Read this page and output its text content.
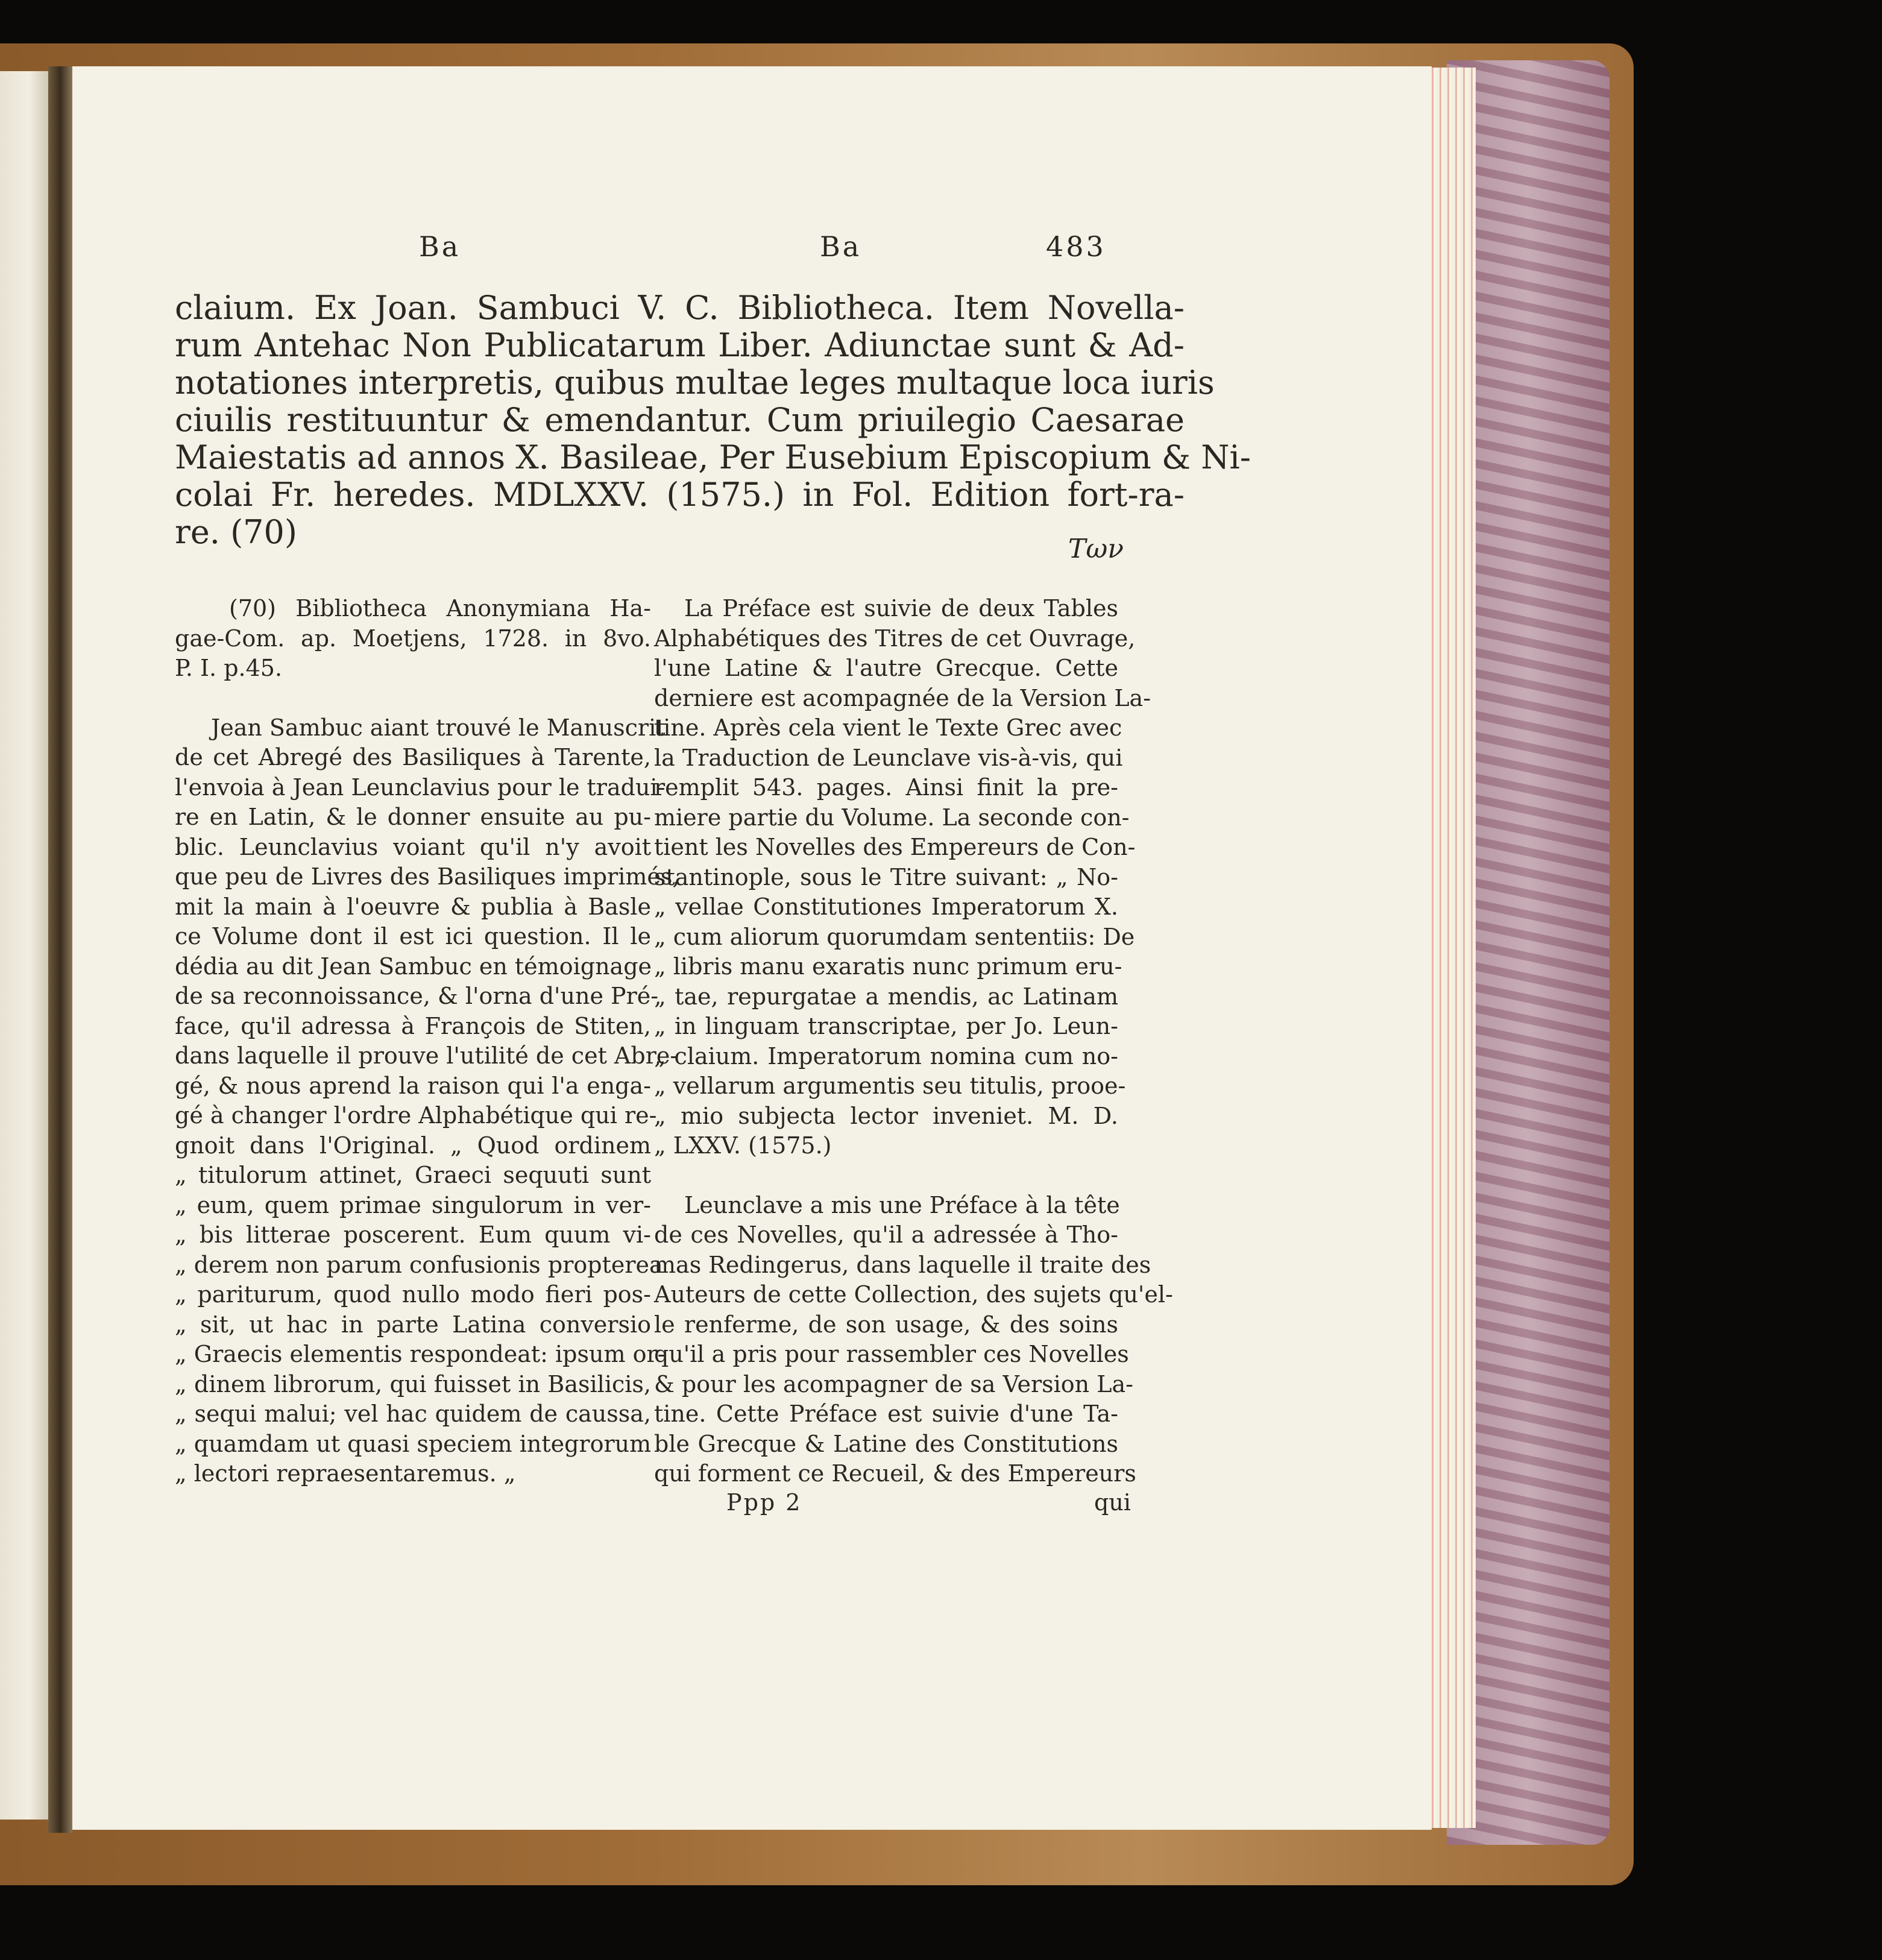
Ba	Ba	483
claium. Ex Joan. Sambuci V. C. Bibliotheca. Item Novella-
rum Antehac Non Publicatarum Liber. Adiunctae sunt & Ad-
notationes interpretis, quibus multae leges multaque loca iuris
ciuilis restituuntur & emendantur. Cum priuilegio Caesarae
Maiestatis ad annos X. Basileae, Per Eusebium Episcopium & Ni-
colai Fr. heredes. MDLXXV. (1575.) in Fol. Edition fort-ra-
re. (70)	Tων
(70) Bibliotheca Anonymiana Ha-
gae-Com. ap. Moetjens, 1728. in 8vo.
P. I. p.45.
Jean Sambuc aiant trouvé le Manuscrit
de cet Abregé des Basiliques à Tarente,
l'envoia à Jean Leunclavius pour le tradui-
re en Latin, & le donner ensuite au pu-
blic. Leunclavius voiant qu'il n'y avoit
que peu de Livres des Basiliques imprimés,
mit la main à l'oeuvre & publia à Basle
ce Volume dont il est ici question. Il le
dédia au dit Jean Sambuc en témoignage
de sa reconnoissance, & l'orna d'une Pré-
face, qu'il adressa à François de Stiten,
dans laquelle il prouve l'utilité de cet Abre-
gé, & nous aprend la raison qui l'a enga-
gé à changer l'ordre Alphabétique qui re-
gnoit dans l'Original. „ Quod ordinem
„ titulorum attinet, Graeci sequuti sunt
„ eum, quem primae singulorum in ver-
„ bis litterae poscerent. Eum quum vi-
„ derem non parum confusionis propterea
„ pariturum, quod nullo modo fieri pos-
„ sit, ut hac in parte Latina conversio
„ Graecis elementis respondeat: ipsum or-
„ dinem librorum, qui fuisset in Basilicis,
„ sequi malui; vel hac quidem de caussa,
„ quamdam ut quasi speciem integrorum
„ lectori repraesentaremus. „
La Préface est suivie de deux Tables
Alphabétiques des Titres de cet Ouvrage,
l'une Latine & l'autre Grecque. Cette
derniere est acompagnée de la Version La-
tine. Après cela vient le Texte Grec avec
la Traduction de Leunclave vis-à-vis, qui
remplit 543. pages. Ainsi finit la pre-
miere partie du Volume. La seconde con-
tient les Novelles des Empereurs de Con-
stantinople, sous le Titre suivant: „ No-
„ vellae Constitutiones Imperatorum X.
„ cum aliorum quorumdam sententiis: De
„ libris manu exaratis nunc primum eru-
„ tae, repurgatae a mendis, ac Latinam
„ in linguam transcriptae, per Jo. Leun-
„ claium. Imperatorum nomina cum no-
„ vellarum argumentis seu titulis, prooe-
„ mio subjecta lector inveniet. M. D.
„ LXXV. (1575.)
Leunclave a mis une Préface à la tête
de ces Novelles, qu'il a adressée à Tho-
mas Redingerus, dans laquelle il traite des
Auteurs de cette Collection, des sujets qu'el-
le renferme, de son usage, & des soins
qu'il a pris pour rassembler ces Novelles
& pour les acompagner de sa Version La-
tine. Cette Préface est suivie d'une Ta-
ble Grecque & Latine des Constitutions
qui forment ce Recueil, & des Empereurs
Ppp 2	qui
